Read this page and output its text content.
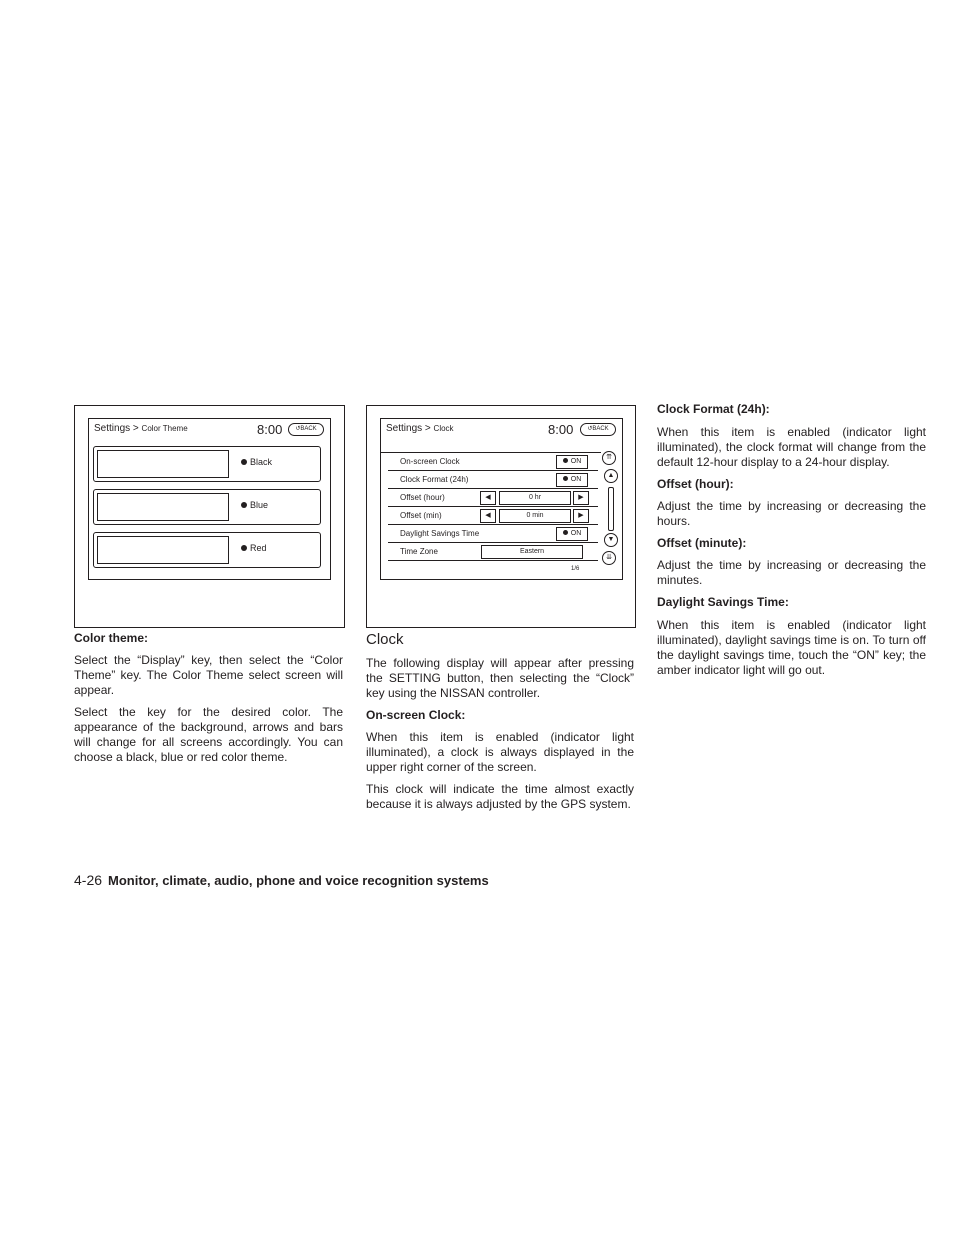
Settings > Color Theme	8:00	↺BACK
Black
Blue
Red
Settings > Clock	8:00	↺BACK
On-screen Clock	ON
Clock Format (24h)	ON
Offset (hour)	◀	0 hr	▶
Offset (min)	◀	0 min	▶
Daylight Savings Time	ON
Time Zone	Eastern
1/6
⇈
▲
▼
⇊
Color theme:

Select the “Display” key, then select the “Color Theme” key. The Color Theme select screen will appear.

Select the key for the desired color. The appearance of the background, arrows and bars will change for all screens accordingly. You can choose a black, blue or red color theme.

Clock

The following display will appear after pressing the SETTING button, then selecting the “Clock” key using the NISSAN controller.

On-screen Clock:

When this item is enabled (indicator light illuminated), a clock is always displayed in the upper right corner of the screen.

This clock will indicate the time almost exactly because it is always adjusted by the GPS system.

Clock Format (24h):

When this item is enabled (indicator light illuminated), the clock format will change from the default 12-hour display to a 24-hour display.

Offset (hour):

Adjust the time by increasing or decreasing the hours.

Offset (minute):

Adjust the time by increasing or decreasing the minutes.

Daylight Savings Time:

When this item is enabled (indicator light illuminated), daylight savings time is on. To turn off the daylight savings time, touch the “ON” key; the amber indicator light will go out.

4-26 Monitor, climate, audio, phone and voice recognition systems
